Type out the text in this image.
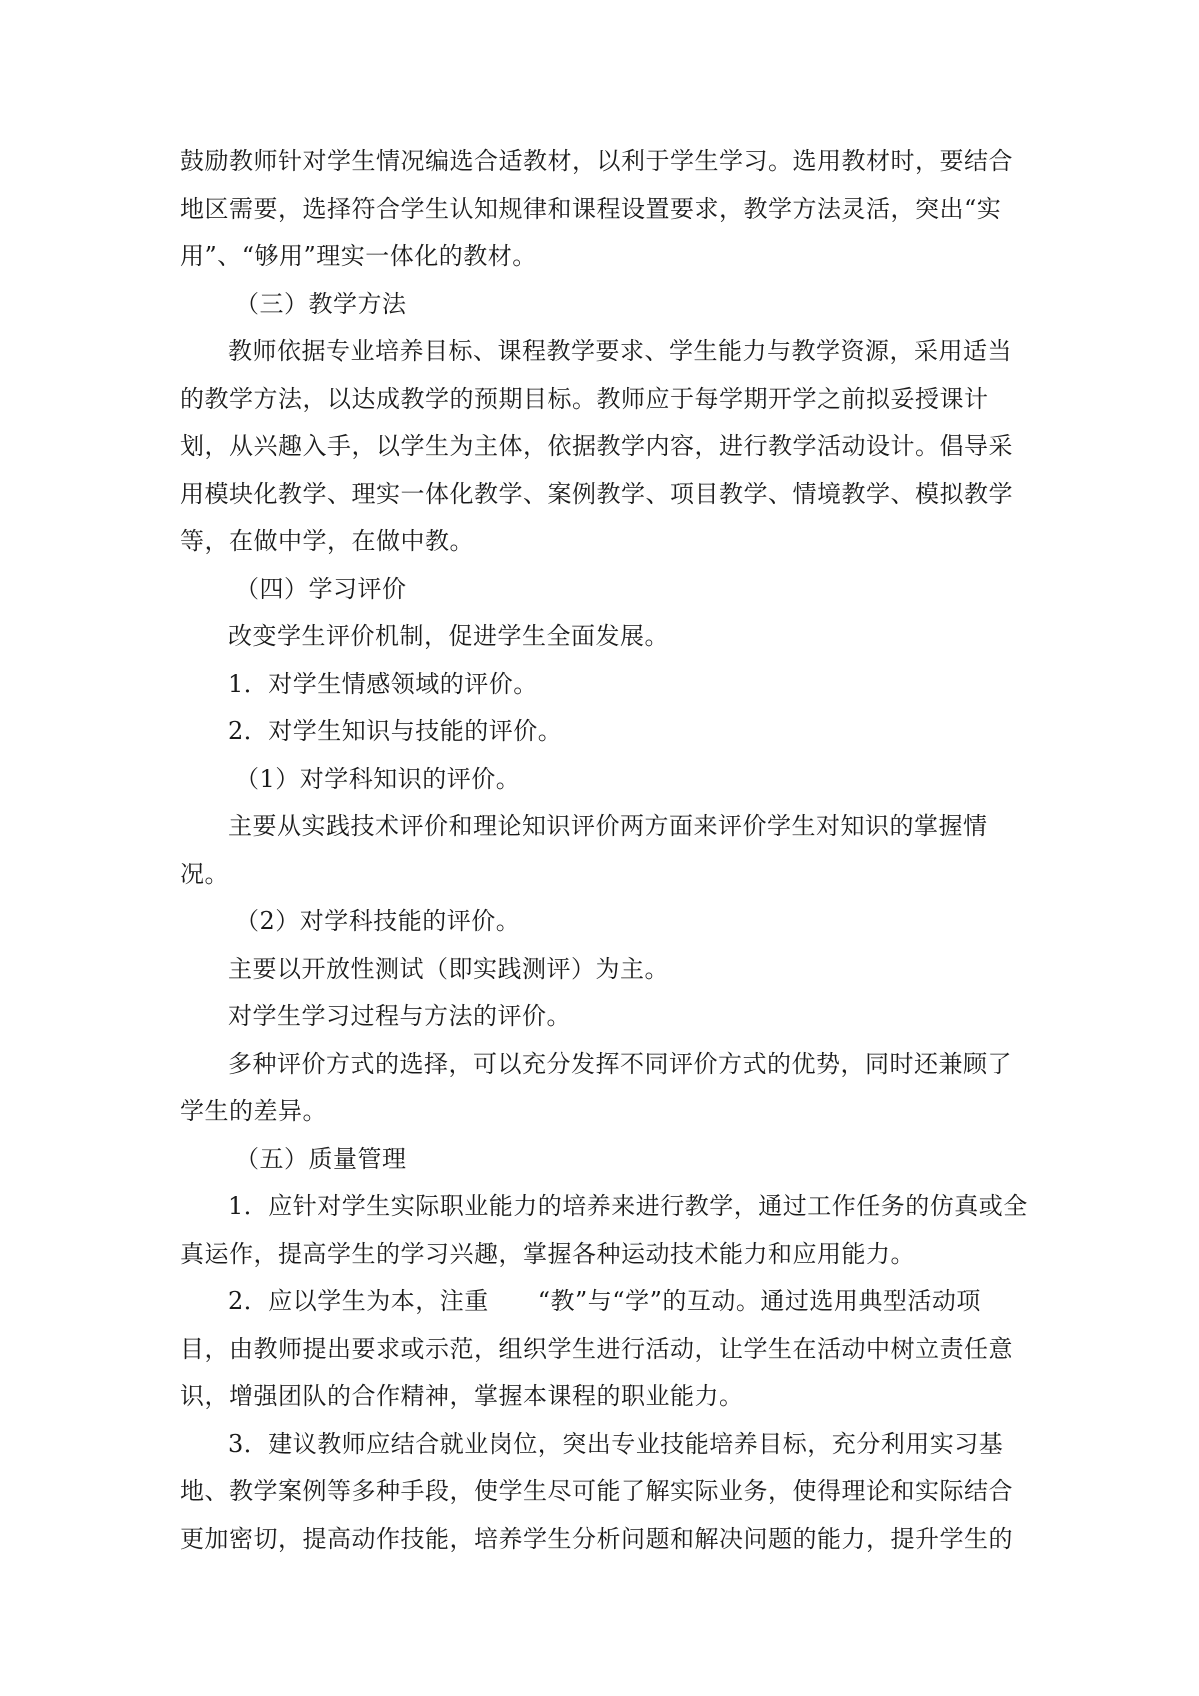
鼓励教师针对学生情况编选合适教材，以利于学生学习。选用教材时，要结合
地区需要，选择符合学生认知规律和课程设置要求，教学方法灵活，突出“实
用”、“够用”理实一体化的教材。
（三）教学方法
教师依据专业培养目标、课程教学要求、学生能力与教学资源，采用适当
的教学方法，以达成教学的预期目标。教师应于每学期开学之前拟妥授课计
划，从兴趣入手，以学生为主体，依据教学内容，进行教学活动设计。倡导采
用模块化教学、理实一体化教学、案例教学、项目教学、情境教学、模拟教学
等，在做中学，在做中教。
（四）学习评价
改变学生评价机制，促进学生全面发展。
1．对学生情感领域的评价。
2．对学生知识与技能的评价。
（1）对学科知识的评价。
主要从实践技术评价和理论知识评价两方面来评价学生对知识的掌握情
况。
（2）对学科技能的评价。
主要以开放性测试（即实践测评）为主。
对学生学习过程与方法的评价。
多种评价方式的选择，可以充分发挥不同评价方式的优势，同时还兼顾了
学生的差异。
（五）质量管理
1．应针对学生实际职业能力的培养来进行教学，通过工作任务的仿真或全
真运作，提高学生的学习兴趣，掌握各种运动技术能力和应用能力。
2．应以学生为本，注重　　“教”与“学”的互动。通过选用典型活动项
目，由教师提出要求或示范，组织学生进行活动，让学生在活动中树立责任意
识，增强团队的合作精神，掌握本课程的职业能力。
3．建议教师应结合就业岗位，突出专业技能培养目标，充分利用实习基
地、教学案例等多种手段，使学生尽可能了解实际业务，使得理论和实际结合
更加密切，提高动作技能，培养学生分析问题和解决问题的能力，提升学生的
